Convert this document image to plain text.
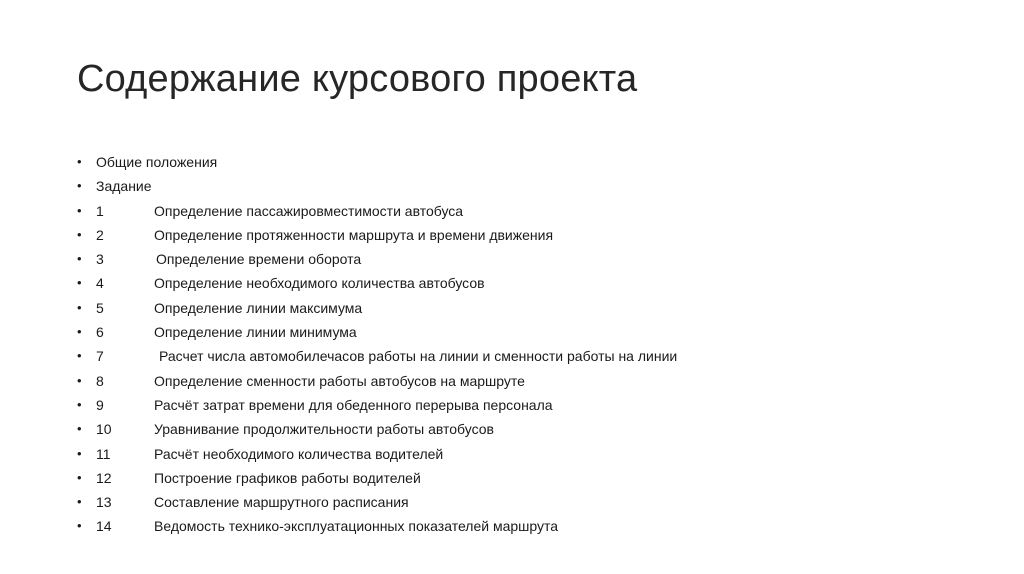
Содержание курсового проекта
•	Общие положения
•	Задание
•	1	Определение пассажировместимости автобуса
•	2	Определение протяженности маршрута и времени движения
•	3	Определение времени оборота
•	4	Определение необходимого количества автобусов
•	5	Определение линии максимума
•	6	Определение линии минимума
•	7	Расчет числа автомобилечасов работы на линии и сменности работы на линии
•	8	Определение сменности работы автобусов на маршруте
•	9	Расчёт затрат времени для обеденного перерыва персонала
•	10	Уравнивание продолжительности работы автобусов
•	11	Расчёт необходимого количества водителей
•	12	Построение графиков работы водителей
•	13	Составление маршрутного расписания
•	14	Ведомость технико-эксплуатационных показателей маршрута
